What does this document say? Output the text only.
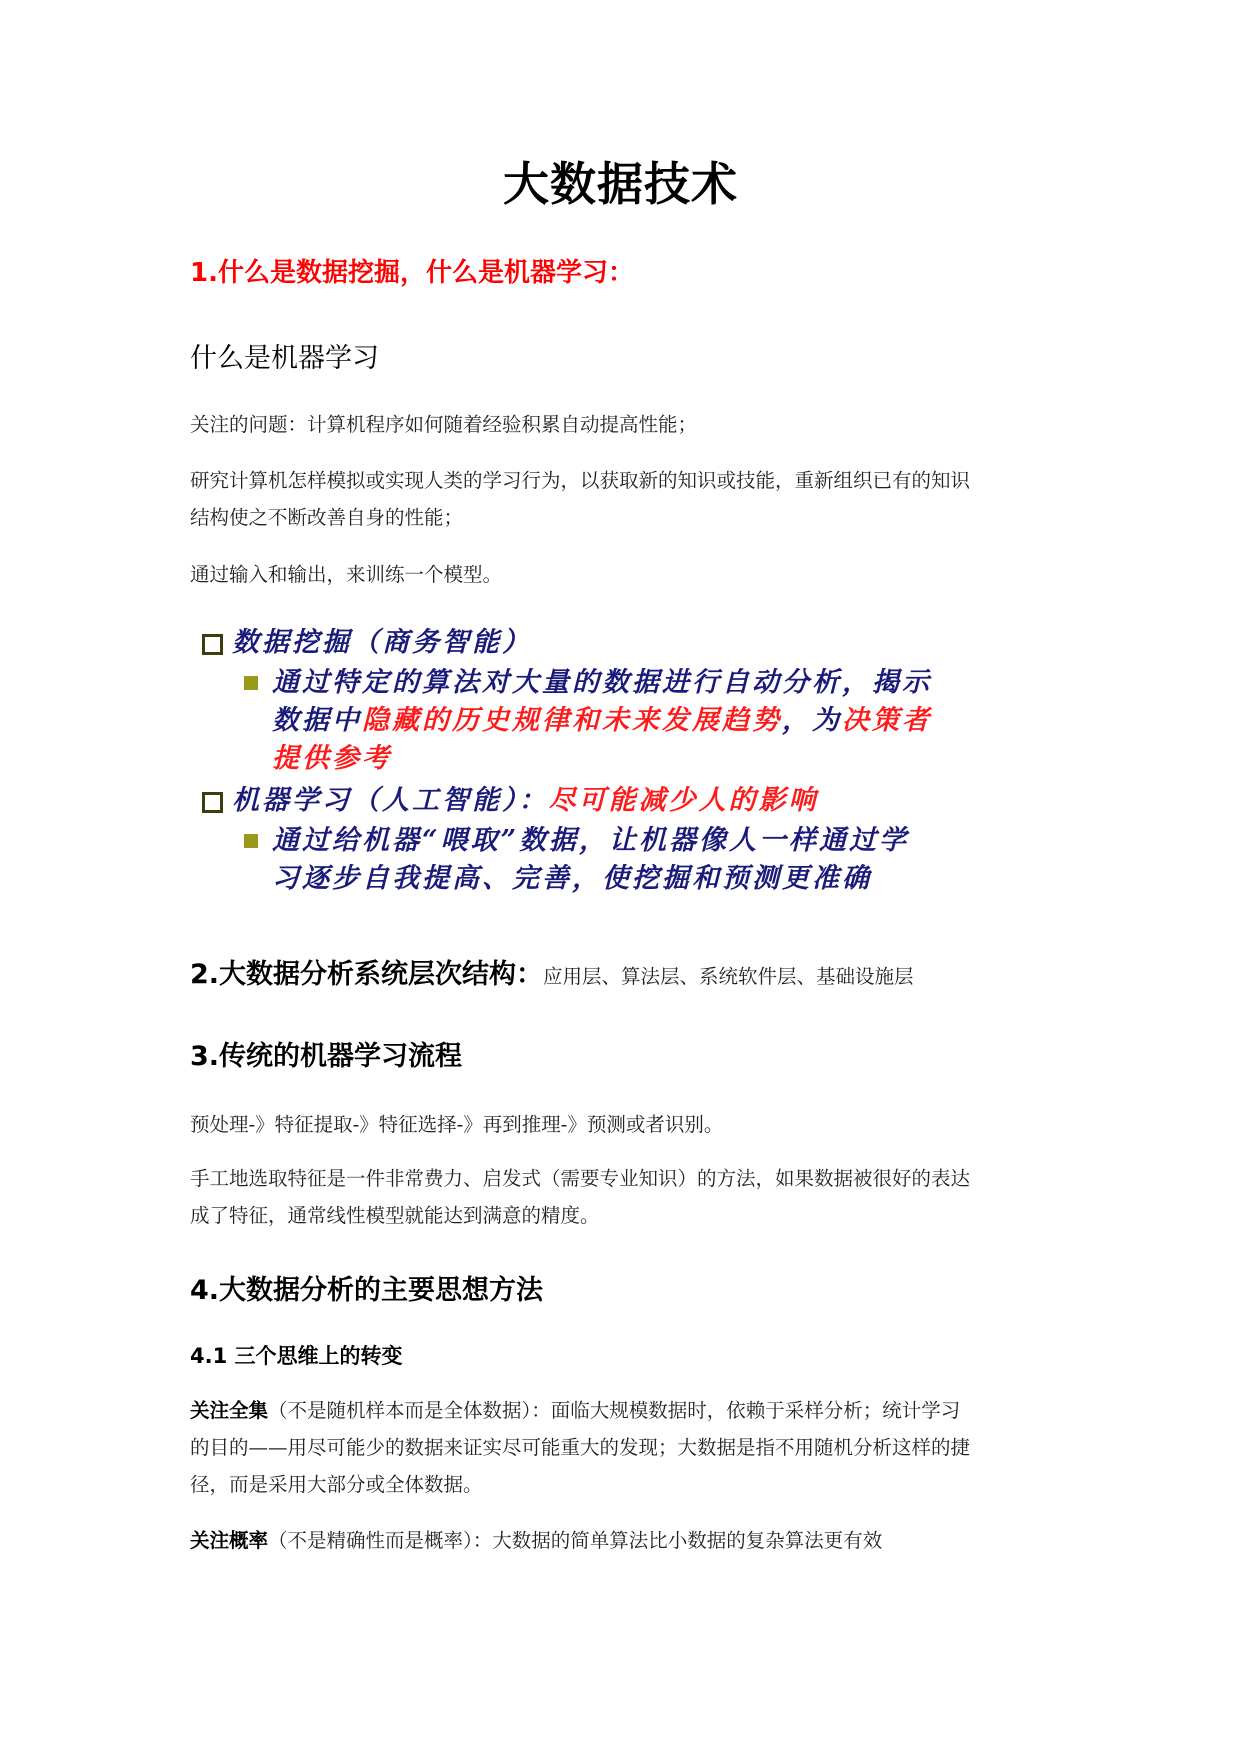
大数据技术
1.什么是数据挖掘，什么是机器学习：
什么是机器学习
关注的问题：计算机程序如何随着经验积累自动提高性能；
研究计算机怎样模拟或实现人类的学习行为，以获取新的知识或技能，重新组织已有的知识
结构使之不断改善自身的性能；
通过输入和输出，来训练一个模型。
数据挖掘（商务智能）
通过特定的算法对大量的数据进行自动分析，揭示
数据中隐藏的历史规律和未来发展趋势，为决策者
提供参考
机器学习（人工智能）：尽可能减少人的影响
通过给机器“喂取”数据，让机器像人一样通过学
习逐步自我提高、完善，使挖掘和预测更准确
2.大数据分析系统层次结构：应用层、算法层、系统软件层、基础设施层
3.传统的机器学习流程
预处理-》特征提取-》特征选择-》再到推理-》预测或者识别。
手工地选取特征是一件非常费力、启发式（需要专业知识）的方法，如果数据被很好的表达
成了特征，通常线性模型就能达到满意的精度。
4.大数据分析的主要思想方法
4.1 三个思维上的转变
关注全集（不是随机样本而是全体数据）：面临大规模数据时，依赖于采样分析；统计学习
的目的——用尽可能少的数据来证实尽可能重大的发现；大数据是指不用随机分析这样的捷
径，而是采用大部分或全体数据。
关注概率（不是精确性而是概率）：大数据的简单算法比小数据的复杂算法更有效
